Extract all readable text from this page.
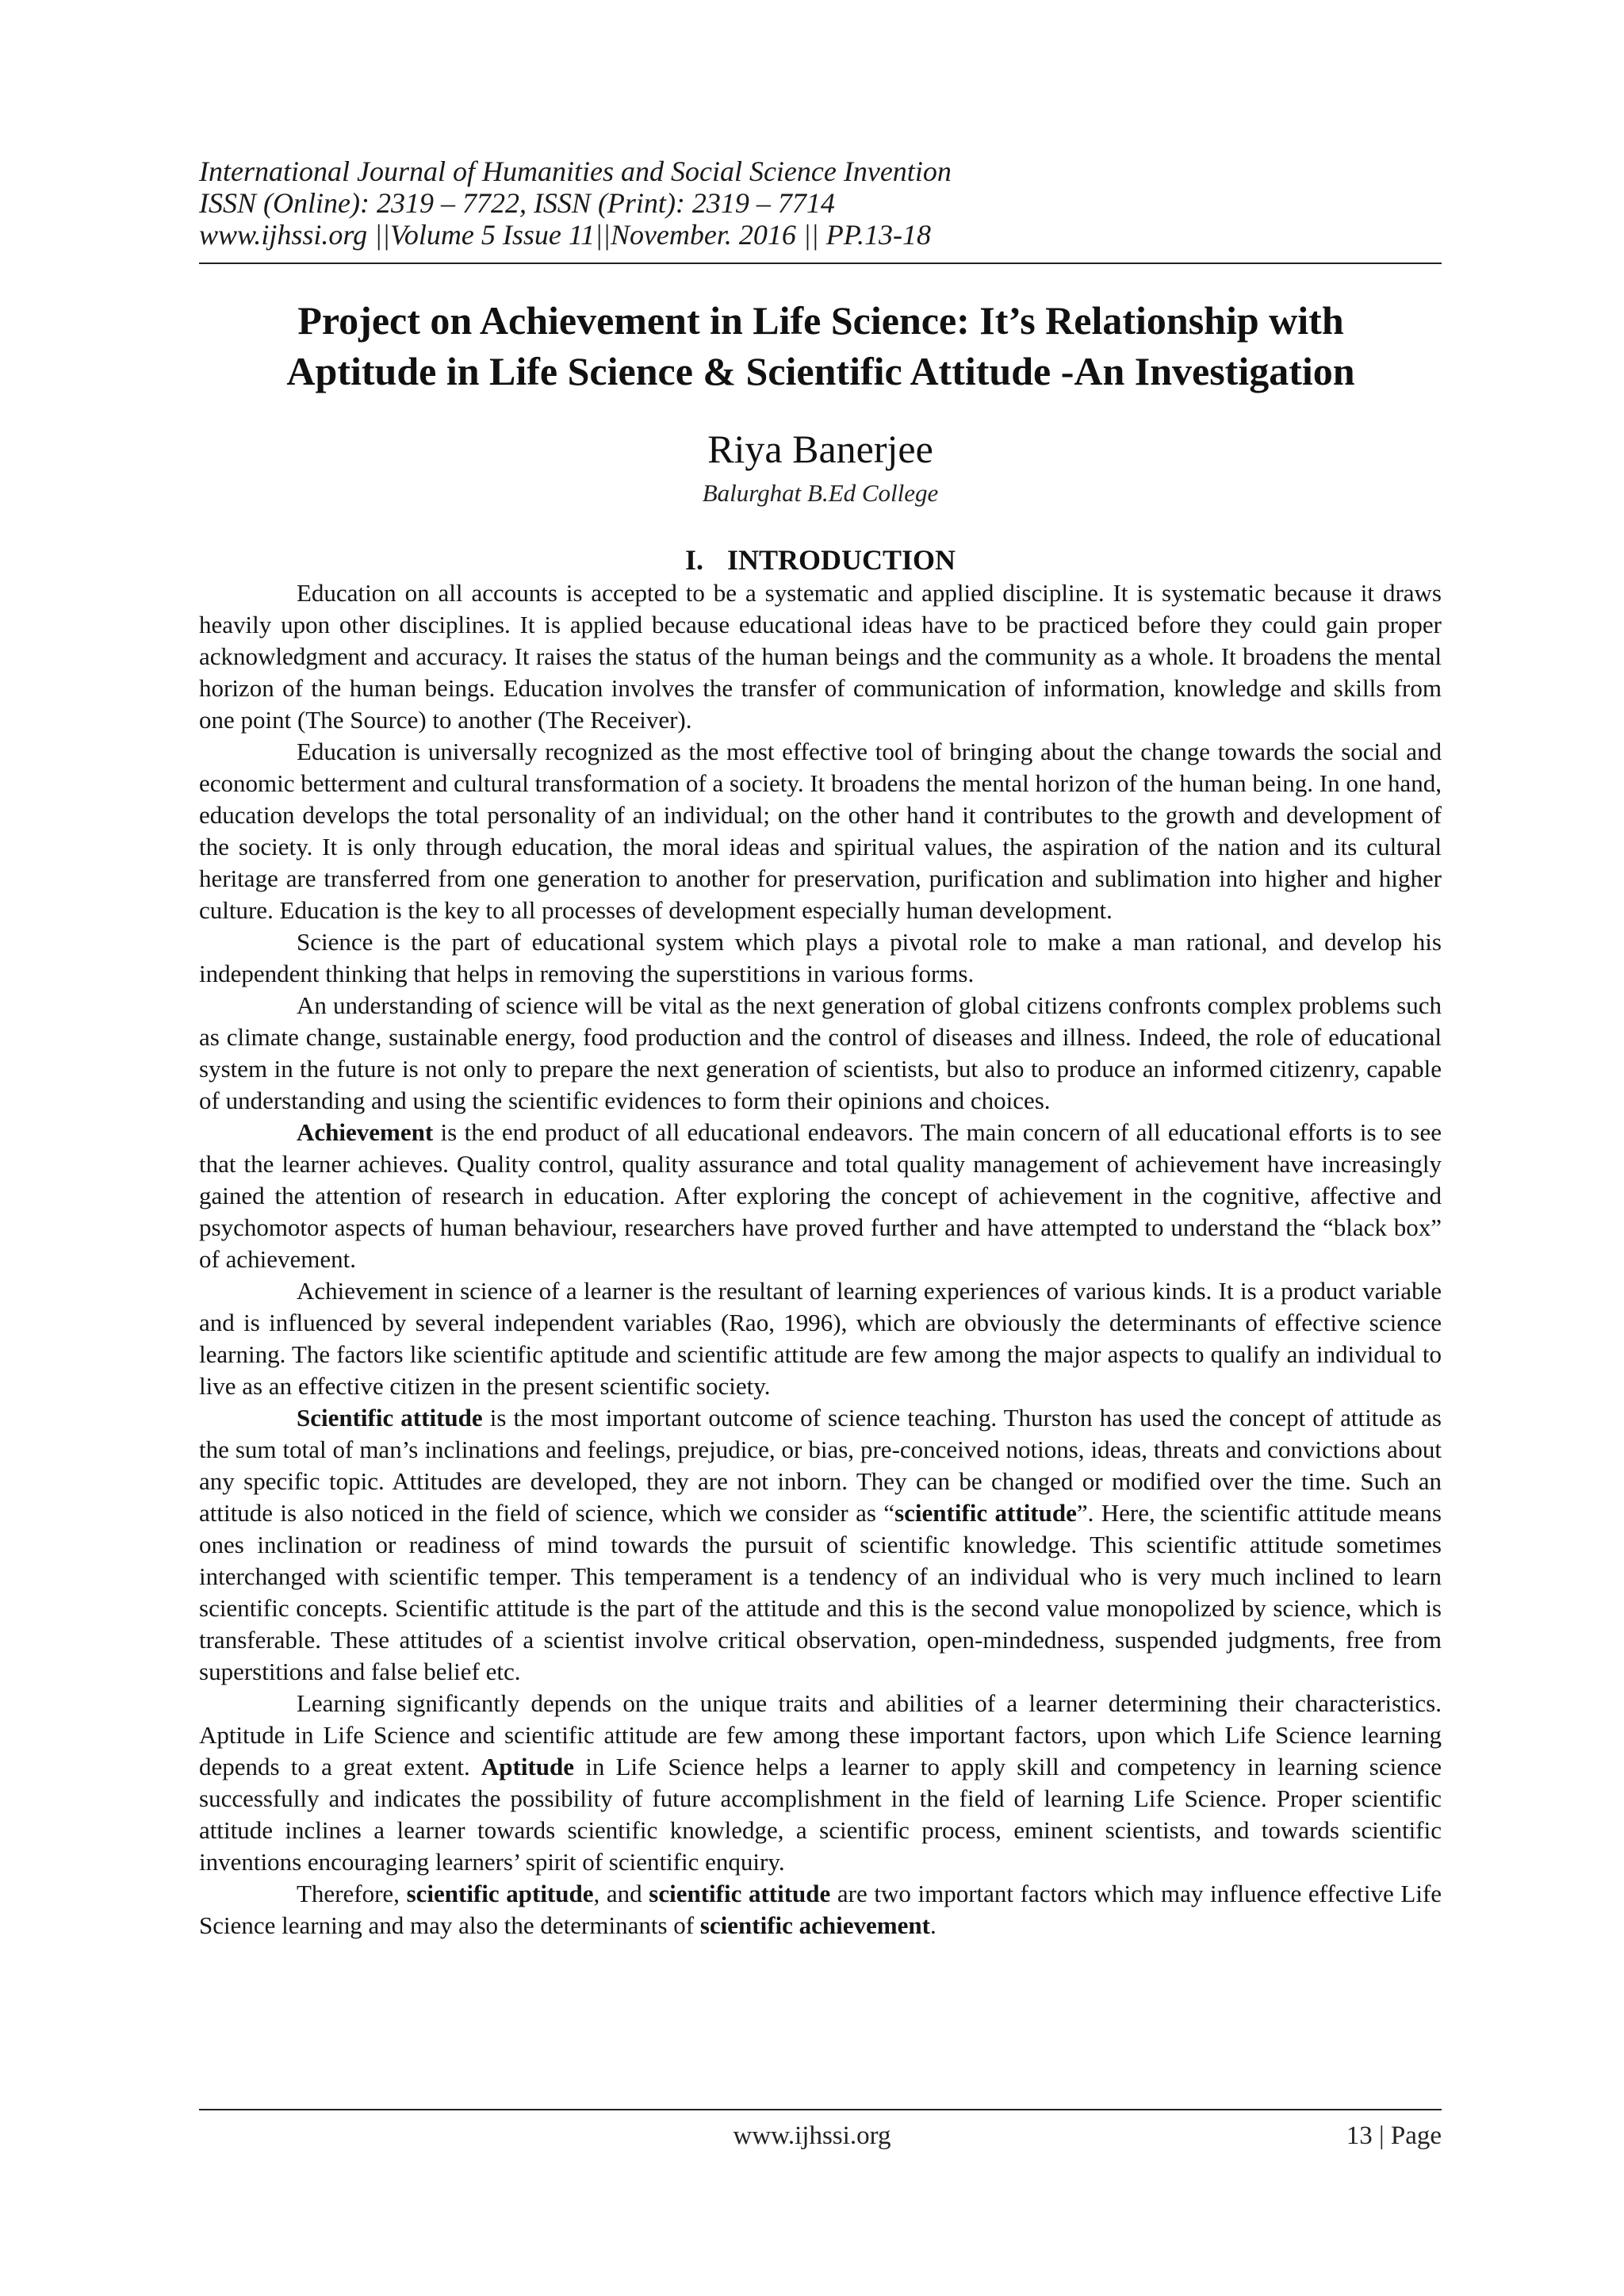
International Journal of Humanities and Social Science Invention
ISSN (Online): 2319 – 7722, ISSN (Print): 2319 – 7714
www.ijhssi.org ||Volume 5 Issue 11||November. 2016 || PP.13-18
Project on Achievement in Life Science: It’s Relationship with
Aptitude in Life Science & Scientific Attitude -An Investigation
Riya Banerjee
Balurghat B.Ed College
I. INTRODUCTION

Education on all accounts is accepted to be a systematic and applied discipline. It is systematic because it draws heavily upon other disciplines. It is applied because educational ideas have to be practiced before they could gain proper acknowledgment and accuracy. It raises the status of the human beings and the community as a whole. It broadens the mental horizon of the human beings. Education involves the transfer of communication of information, knowledge and skills from one point (The Source) to another (The Receiver).

Education is universally recognized as the most effective tool of bringing about the change towards the social and economic betterment and cultural transformation of a society. It broadens the mental horizon of the human being. In one hand, education develops the total personality of an individual; on the other hand it contributes to the growth and development of the society. It is only through education, the moral ideas and spiritual values, the aspiration of the nation and its cultural heritage are transferred from one generation to another for preservation, purification and sublimation into higher and higher culture. Education is the key to all processes of development especially human development.

Science is the part of educational system which plays a pivotal role to make a man rational, and develop his independent thinking that helps in removing the superstitions in various forms.

An understanding of science will be vital as the next generation of global citizens confronts complex problems such as climate change, sustainable energy, food production and the control of diseases and illness. Indeed, the role of educational system in the future is not only to prepare the next generation of scientists, but also to produce an informed citizenry, capable of understanding and using the scientific evidences to form their opinions and choices.

Achievement is the end product of all educational endeavors. The main concern of all educational efforts is to see that the learner achieves. Quality control, quality assurance and total quality management of achievement have increasingly gained the attention of research in education. After exploring the concept of achievement in the cognitive, affective and psychomotor aspects of human behaviour, researchers have proved further and have attempted to understand the “black box” of achievement.

Achievement in science of a learner is the resultant of learning experiences of various kinds. It is a product variable and is influenced by several independent variables (Rao, 1996), which are obviously the determinants of effective science learning. The factors like scientific aptitude and scientific attitude are few among the major aspects to qualify an individual to live as an effective citizen in the present scientific society.

Scientific attitude is the most important outcome of science teaching. Thurston has used the concept of attitude as the sum total of man’s inclinations and feelings, prejudice, or bias, pre-conceived notions, ideas, threats and convictions about any specific topic. Attitudes are developed, they are not inborn. They can be changed or modified over the time. Such an attitude is also noticed in the field of science, which we consider as “scientific attitude”. Here, the scientific attitude means ones inclination or readiness of mind towards the pursuit of scientific knowledge. This scientific attitude sometimes interchanged with scientific temper. This temperament is a tendency of an individual who is very much inclined to learn scientific concepts. Scientific attitude is the part of the attitude and this is the second value monopolized by science, which is transferable. These attitudes of a scientist involve critical observation, open-mindedness, suspended judgments, free from superstitions and false belief etc.

Learning significantly depends on the unique traits and abilities of a learner determining their characteristics. Aptitude in Life Science and scientific attitude are few among these important factors, upon which Life Science learning depends to a great extent. Aptitude in Life Science helps a learner to apply skill and competency in learning science successfully and indicates the possibility of future accomplishment in the field of learning Life Science. Proper scientific attitude inclines a learner towards scientific knowledge, a scientific process, eminent scientists, and towards scientific inventions encouraging learners’ spirit of scientific enquiry.

Therefore, scientific aptitude, and scientific attitude are two important factors which may influence effective Life Science learning and may also the determinants of scientific achievement.

www.ijhssi.org	13 | Page
